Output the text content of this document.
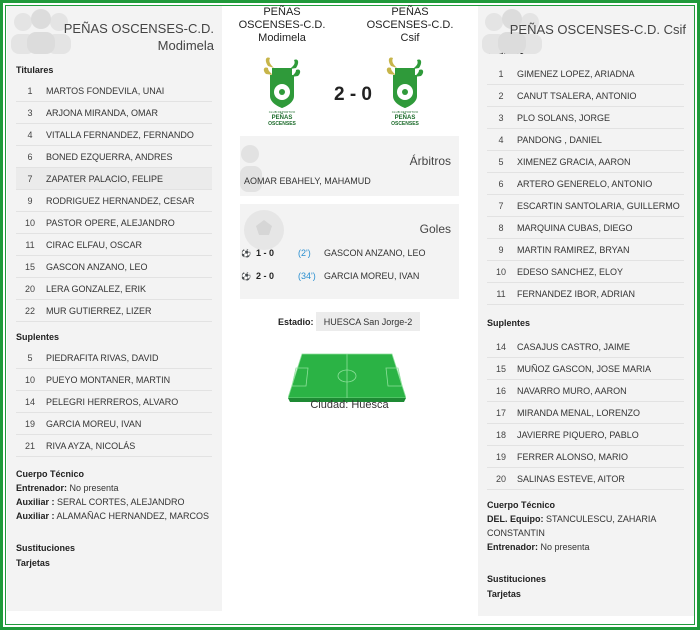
PEÑAS OSCENSES-C.D.
Modimela
Titulares
1	MARTOS FONDEVILA, UNAI
3	ARJONA MIRANDA, OMAR
4	VITALLA FERNANDEZ, FERNANDO
6	BONED EZQUERRA, ANDRES
7	ZAPATER PALACIO, FELIPE
9	RODRIGUEZ HERNANDEZ, CESAR
10	PASTOR OPERE, ALEJANDRO
11	CIRAC ELFAU, OSCAR
15	GASCON ANZANO, LEO
20	LERA GONZALEZ, ERIK
22	MUR GUTIERREZ, LIZER
Suplentes
5	PIEDRAFITA RIVAS, DAVID
10	PUEYO MONTANER, MARTIN
14	PELEGRI HERREROS, ALVARO
19	GARCIA MOREU, IVAN
21	RIVA AYZA, NICOLÁS
Cuerpo Técnico
Entrenador: No presenta
Auxiliar : SERAL CORTES, ALEJANDRO
Auxiliar : ALAMAÑAC HERNANDEZ, MARCOS
Sustituciones
Tarjetas
PEÑAS
OSCENSES-C.D.
Modimela
PEÑAS
OSCENSES-C.D.
Csif
CLUB DEPORTIVO
PEÑAS
OSCENSES
CLUB DEPORTIVO
PEÑAS
OSCENSES
2 - 0
Árbitros
AOMAR EBAHELY, MAHAMUD
Goles
⚽ 1 - 0	(2')	GASCON ANZANO, LEO
⚽ 2 - 0	(34') GARCIA MOREU, IVAN
Estadio:	HUESCA San Jorge-2
Ciudad: Huesca
PEÑAS OSCENSES-C.D. Csif
1	GIMENEZ LOPEZ, ARIADNA
2	CANUT TSALERA, ANTONIO
3	PLO SOLANS, JORGE
4	PANDONG , DANIEL
5	XIMENEZ GRACIA, AARON
6	ARTERO GENERELO, ANTONIO
7	ESCARTIN SANTOLARIA, GUILLERMO
8	MARQUINA CUBAS, DIEGO
9	MARTIN RAMIREZ, BRYAN
10	EDESO SANCHEZ, ELOY
11	FERNANDEZ IBOR, ADRIAN
Suplentes
14	CASAJUS CASTRO, JAIME
15	MUÑOZ GASCON, JOSE MARIA
16	NAVARRO MURO, AARON
17	MIRANDA MENAL, LORENZO
18	JAVIERRE PIQUERO, PABLO
19	FERRER ALONSO, MARIO
20	SALINAS ESTEVE, AITOR
Cuerpo Técnico
DEL. Equipo: STANCULESCU, ZAHARIA CONSTANTIN
Entrenador: No presenta
Sustituciones
Tarjetas
